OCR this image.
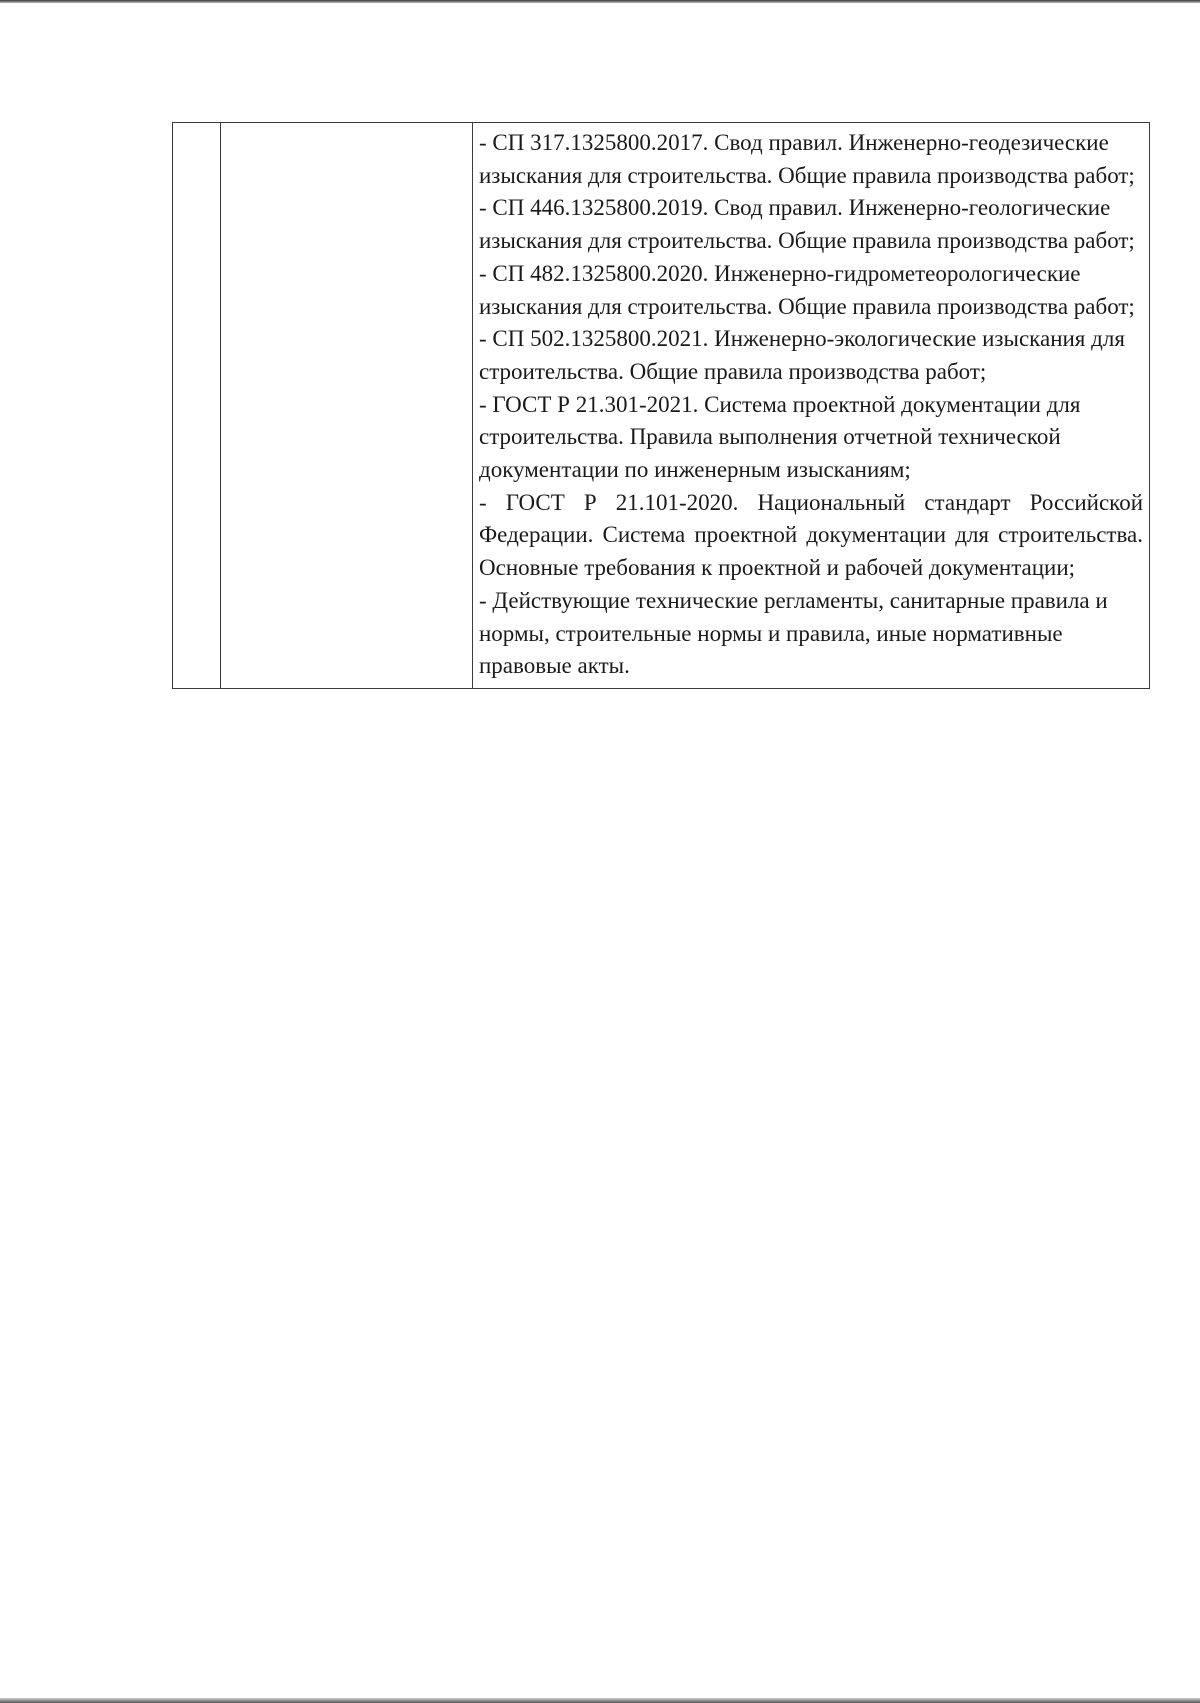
- СП 317.1325800.2017. Свод правил. Инженерно-геодезические изыскания для строительства. Общие правила производства работ;
- СП 446.1325800.2019. Свод правил. Инженерно-геологические изыскания для строительства. Общие правила производства работ;
- СП 482.1325800.2020. Инженерно-гидрометеорологические изыскания для строительства. Общие правила производства работ;
- СП 502.1325800.2021. Инженерно-экологические изыскания для строительства. Общие правила производства работ;
- ГОСТ Р 21.301-2021. Система проектной документации для строительства. Правила выполнения отчетной технической документации по инженерным изысканиям;
- ГОСТ Р 21.101-2020. Национальный стандарт Российской Федерации. Система проектной документации для строительства. Основные требования к проектной и рабочей документации;
- Действующие технические регламенты, санитарные правила и нормы, строительные нормы и правила, иные нормативные правовые акты.
